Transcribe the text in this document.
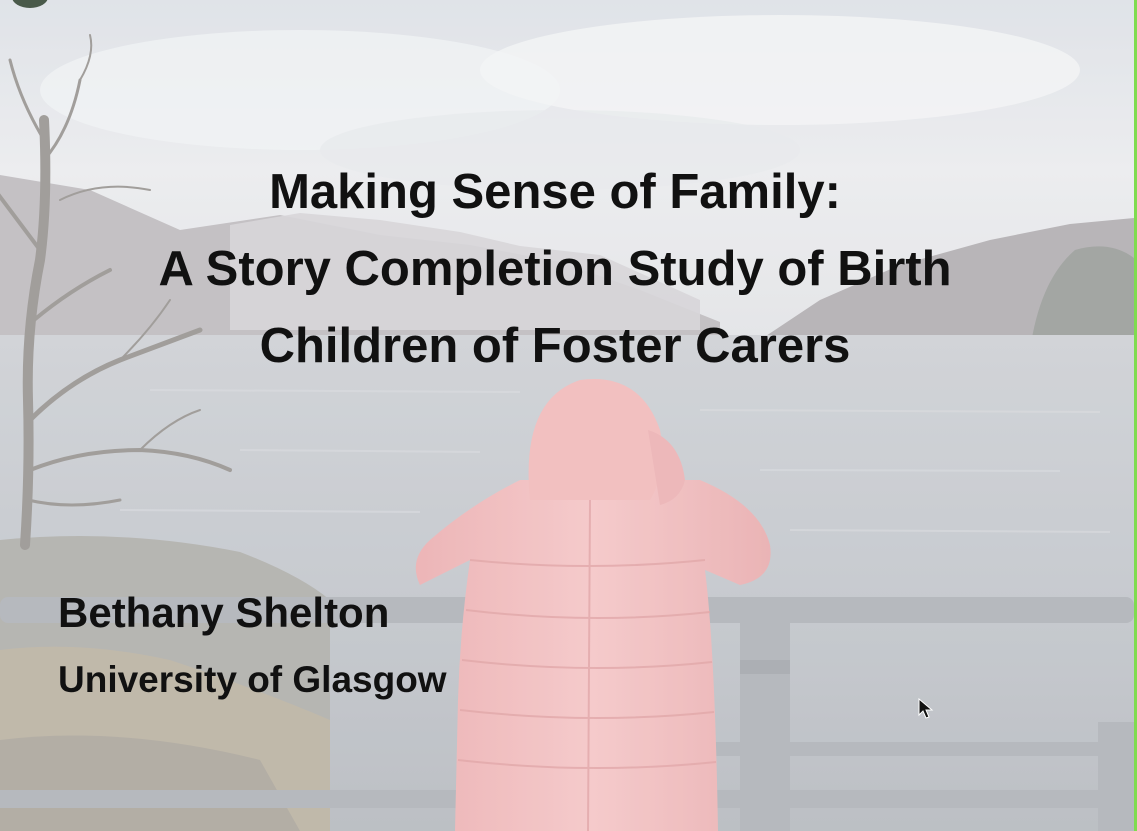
Making Sense of Family:
A Story Completion Study of Birth
Children of Foster Carers

Bethany Shelton

University of Glasgow
